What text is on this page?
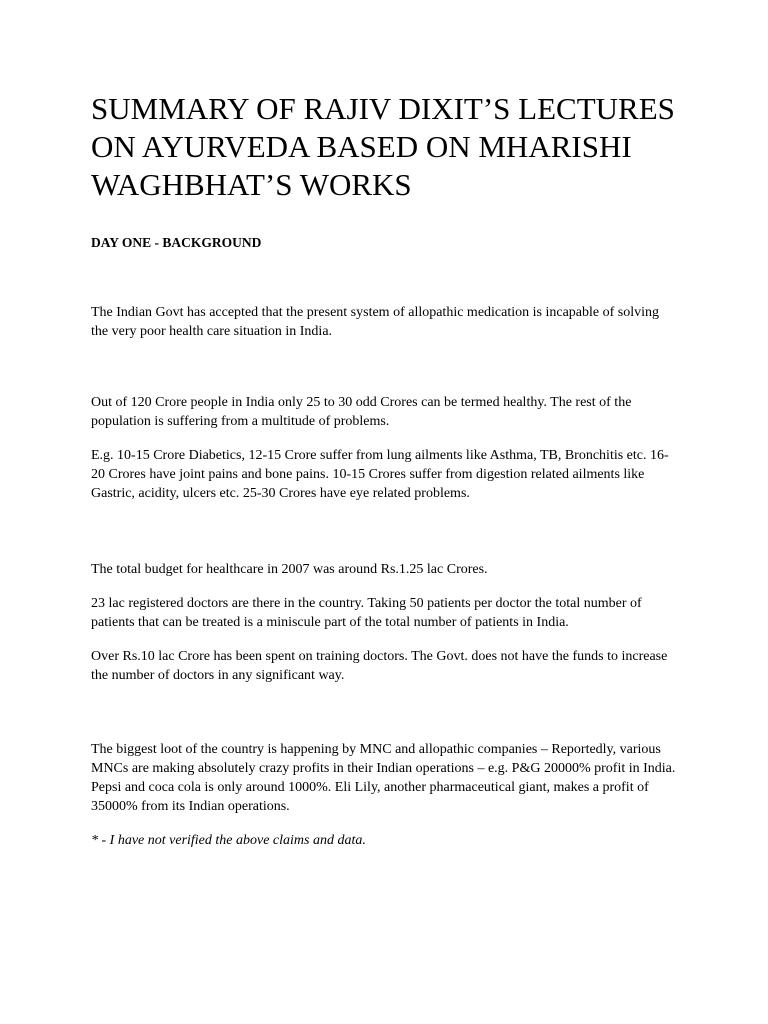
SUMMARY OF RAJIV DIXIT’S LECTURES ON AYURVEDA BASED ON MHARISHI WAGHBHAT’S WORKS
DAY ONE - BACKGROUND

The Indian Govt has accepted that the present system of allopathic medication is incapable of solving the very poor health care situation in India.

Out of 120 Crore people in India only 25 to 30 odd Crores can be termed healthy. The rest of the population is suffering from a multitude of problems.

E.g. 10-15 Crore Diabetics, 12-15 Crore suffer from lung ailments like Asthma, TB, Bronchitis etc. 16-20 Crores have joint pains and bone pains. 10-15 Crores suffer from digestion related ailments like Gastric, acidity, ulcers etc. 25-30 Crores have eye related problems.

The total budget for healthcare in 2007 was around Rs.1.25 lac Crores.

23 lac registered doctors are there in the country. Taking 50 patients per doctor the total number of patients that can be treated is a miniscule part of the total number of patients in India.

Over Rs.10 lac Crore has been spent on training doctors. The Govt. does not have the funds to increase the number of doctors in any significant way.

The biggest loot of the country is happening by MNC and allopathic companies – Reportedly, various MNCs are making absolutely crazy profits in their Indian operations – e.g. P&G 20000% profit in India. Pepsi and coca cola is only around 1000%. Eli Lily, another pharmaceutical giant, makes a profit of 35000% from its Indian operations.

* - I have not verified the above claims and data.
